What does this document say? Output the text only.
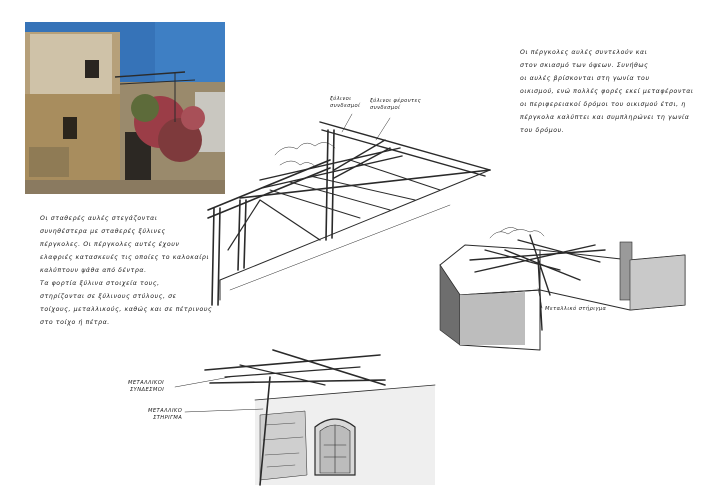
Οι πέργκολες αυλές συντελούν και
στον σκιασμό των όψεων. Συνήθως
οι αυλές βρίσκονται στη γωνία του
οικισμού, ενώ πολλές φορές εκεί μεταφέρονται
οι περιφερειακοί δρόμοι του οικισμού έτσι, η
πέργκολα καλύπτει και συμπληρώνει τη γωνία
του δρόμου.
Οι σταθερές αυλές στεγάζονται
συνηθέστερα με σταθερές ξύλινες
πέργκολες. Οι πέργκολες αυτές έχουν
ελαφριές κατασκευές τις οποίες το καλοκαίρι
καλύπτουν ψάθα από δέντρα.
Τα φορτία ξύλινα στοιχεία τους,
στηρίζονται σε ξύλινους στύλους, σε
τοίχους, μεταλλικούς, καθώς και σε πέτρινους
στο τοίχο ή πέτρα.
ξύλινοι
συνδεσμοί
ξύλινοι φέροντες
συνδεσμοί
Μεταλλικό στήριγμα
ΜΕΤΑΛΛΙΚΟΙ
ΣΥΝΔΕΣΜΟΙ
ΜΕΤΑΛΛΙΚΟ
ΣΤΗΡΙΓΜΑ
